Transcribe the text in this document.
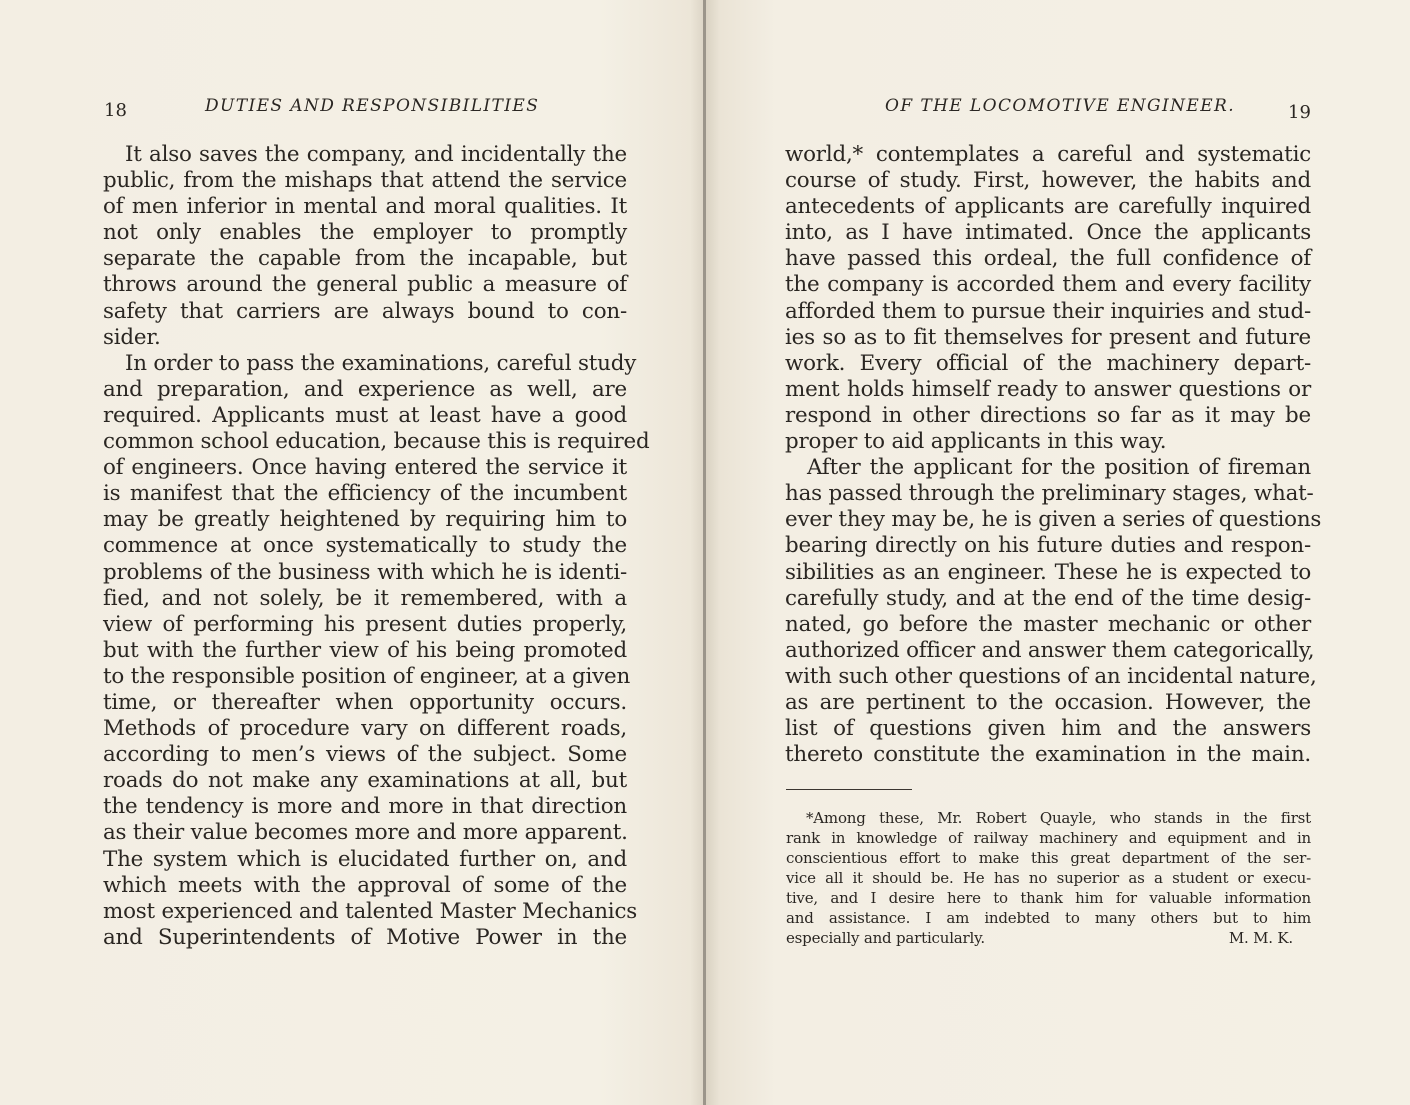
18	DUTIES AND RESPONSIBILITIES
It also saves the company, and incidentally the
public, from the mishaps that attend the service
of men inferior in mental and moral qualities. It
not only enables the employer to promptly
separate the capable from the incapable, but
throws around the general public a measure of
safety that carriers are always bound to con-
sider.
In order to pass the examinations, careful study
and preparation, and experience as well, are
required. Applicants must at least have a good
common school education, because this is required
of engineers. Once having entered the service it
is manifest that the efficiency of the incumbent
may be greatly heightened by requiring him to
commence at once systematically to study the
problems of the business with which he is identi-
fied, and not solely, be it remembered, with a
view of performing his present duties properly,
but with the further view of his being promoted
to the responsible position of engineer, at a given
time, or thereafter when opportunity occurs.
Methods of procedure vary on different roads,
according to men’s views of the subject. Some
roads do not make any examinations at all, but
the tendency is more and more in that direction
as their value becomes more and more apparent.
The system which is elucidated further on, and
which meets with the approval of some of the
most experienced and talented Master Mechanics
and Superintendents of Motive Power in the
OF THE LOCOMOTIVE ENGINEER.	19
world,* contemplates a careful and systematic
course of study. First, however, the habits and
antecedents of applicants are carefully inquired
into, as I have intimated. Once the applicants
have passed this ordeal, the full confidence of
the company is accorded them and every facility
afforded them to pursue their inquiries and stud-
ies so as to fit themselves for present and future
work. Every official of the machinery depart-
ment holds himself ready to answer questions or
respond in other directions so far as it may be
proper to aid applicants in this way.
After the applicant for the position of fireman
has passed through the preliminary stages, what-
ever they may be, he is given a series of questions
bearing directly on his future duties and respon-
sibilities as an engineer. These he is expected to
carefully study, and at the end of the time desig-
nated, go before the master mechanic or other
authorized officer and answer them categorically,
with such other questions of an incidental nature,
as are pertinent to the occasion. However, the
list of questions given him and the answers
thereto constitute the examination in the main.
*Among these, Mr. Robert Quayle, who stands in the first
rank in knowledge of railway machinery and equipment and in
conscientious effort to make this great department of the ser-
vice all it should be. He has no superior as a student or execu-
tive, and I desire here to thank him for valuable information
and assistance. I am indebted to many others but to him
especially and particularly.	M. M. K.
